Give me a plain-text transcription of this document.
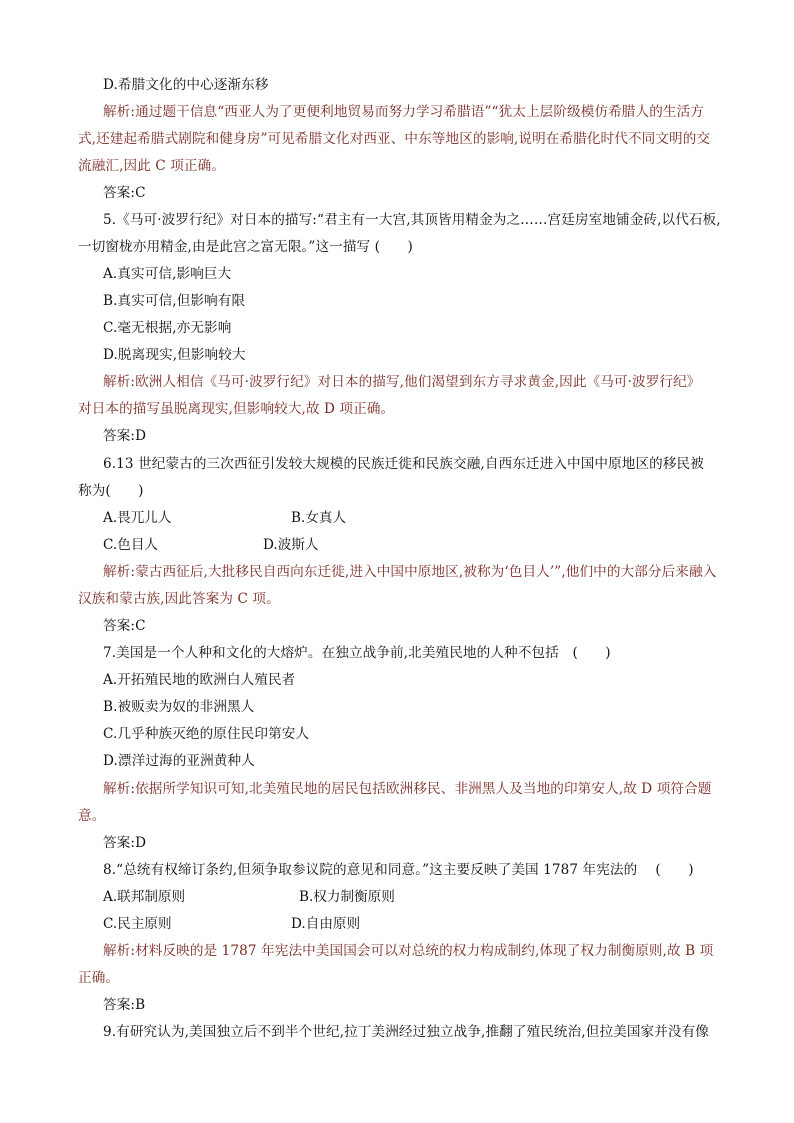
D.希腊文化的中心逐渐东移
解析:通过题干信息“西亚人为了更便利地贸易而努力学习希腊语”“犹太上层阶级模仿希腊人的生活方
式,还建起希腊式剧院和健身房”可见希腊文化对西亚、中东等地区的影响,说明在希腊化时代不同文明的交
流融汇,因此 C 项正确。
答案:C
5.《马可·波罗行纪》对日本的描写:“君主有一大宫,其顶皆用精金为之……宫廷房室地铺金砖,以代石板,
一切窗栊亦用精金,由是此宫之富无限。”这一描写 (　　)
A.真实可信,影响巨大
B.真实可信,但影响有限
C.毫无根据,亦无影响
D.脱离现实,但影响较大
解析:欧洲人相信《马可·波罗行纪》对日本的描写,他们渴望到东方寻求黄金,因此《马可·波罗行纪》
对日本的描写虽脱离现实,但影响较大,故 D 项正确。
答案:D
6.13 世纪蒙古的三次西征引发较大规模的民族迁徙和民族交融,自西东迁进入中国中原地区的移民被
称为(　　)
A.畏兀儿人	B.女真人
C.色目人	D.波斯人
解析:蒙古西征后,大批移民自西向东迁徙,进入中国中原地区,被称为‘色目人’”,他们中的大部分后来融入
汉族和蒙古族,因此答案为 C 项。
答案:C
7.美国是一个人种和文化的大熔炉。在独立战争前,北美殖民地的人种不包括　(　　)
A.开拓殖民地的欧洲白人殖民者
B.被贩卖为奴的非洲黑人
C.几乎种族灭绝的原住民印第安人
D.漂洋过海的亚洲黄种人
解析:依据所学知识可知,北美殖民地的居民包括欧洲移民、非洲黑人及当地的印第安人,故 D 项符合题
意。
答案:D
8.“总统有权缔订条约,但须争取参议院的意见和同意。”这主要反映了美国 1787 年宪法的　 (　　)
A.联邦制原则	B.权力制衡原则
C.民主原则	D.自由原则
解析:材料反映的是 1787 年宪法中美国国会可以对总统的权力构成制约,体现了权力制衡原则,故 B 项
正确。
答案:B
9.有研究认为,美国独立后不到半个世纪,拉丁美洲经过独立战争,推翻了殖民统治,但拉美国家并没有像
